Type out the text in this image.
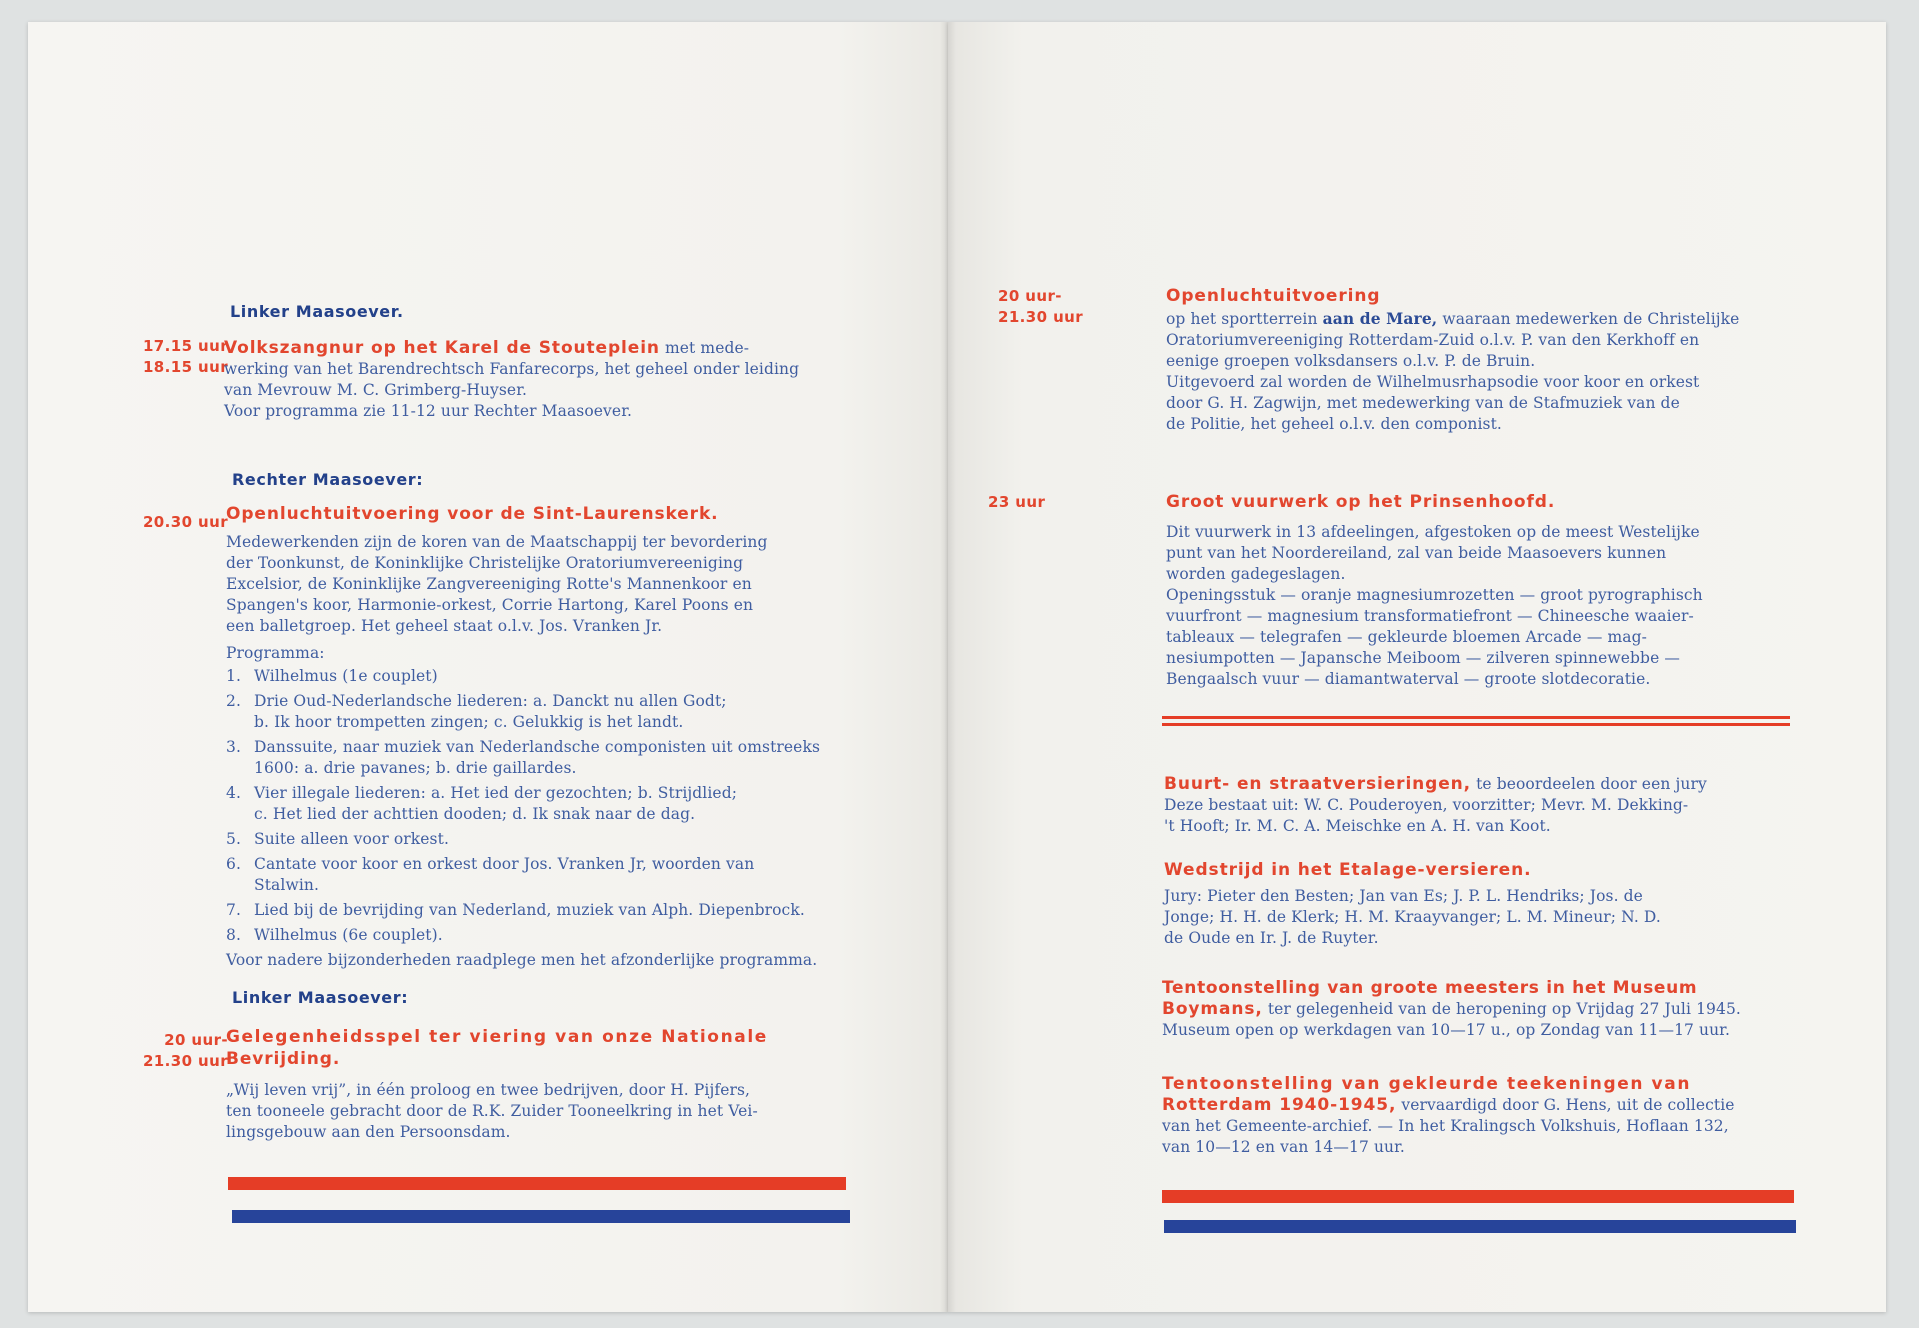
Linker Maasoever.
17.15 uur
18.15 uur
Volkszangnur op het Karel de Stouteplein met mede-
werking van het Barendrechtsch Fanfarecorps, het geheel onder leiding
van Mevrouw M. C. Grimberg-Huyser.
Voor programma zie 11-12 uur Rechter Maasoever.
Rechter Maasoever:
20.30 uur
Openluchtuitvoering voor de Sint-Laurenskerk.
Medewerkenden zijn de koren van de Maatschappij ter bevordering
der Toonkunst, de Koninklijke Christelijke Oratoriumvereeniging
Excelsior, de Koninklijke Zangvereeniging Rotte's Mannenkoor en
Spangen's koor, Harmonie-orkest, Corrie Hartong, Karel Poons en
een balletgroep. Het geheel staat o.l.v. Jos. Vranken Jr.
Programma:
1. Wilhelmus (1e couplet)
2. Drie Oud-Nederlandsche liederen: a. Danckt nu allen Godt;
b. Ik hoor trompetten zingen; c. Gelukkig is het landt.
3. Danssuite, naar muziek van Nederlandsche componisten uit omstreeks
1600: a. drie pavanes; b. drie gaillardes.
4. Vier illegale liederen: a. Het ied der gezochten; b. Strijdlied;
c. Het lied der achttien dooden; d. Ik snak naar de dag.
5. Suite alleen voor orkest.
6. Cantate voor koor en orkest door Jos. Vranken Jr, woorden van
Stalwin.
7. Lied bij de bevrijding van Nederland, muziek van Alph. Diepenbrock.
8. Wilhelmus (6e couplet).
Voor nadere bijzonderheden raadplege men het afzonderlijke programma.
Linker Maasoever:
20 uur-
21.30 uur
Gelegenheidsspel ter viering van onze Nationale
Bevrijding.
„Wij leven vrij”, in één proloog en twee bedrijven, door H. Pijfers,
ten tooneele gebracht door de R.K. Zuider Tooneelkring in het Vei-
lingsgebouw aan den Persoonsdam.
20 uur-
21.30 uur
Openluchtuitvoering
op het sportterrein aan de Mare, waaraan medewerken de Christelijke
Oratoriumvereeniging Rotterdam-Zuid o.l.v. P. van den Kerkhoff en
eenige groepen volksdansers o.l.v. P. de Bruin.
Uitgevoerd zal worden de Wilhelmusrhapsodie voor koor en orkest
door G. H. Zagwijn, met medewerking van de Stafmuziek van de
de Politie, het geheel o.l.v. den componist.
23 uur	Groot vuurwerk op het Prinsenhoofd.
Dit vuurwerk in 13 afdeelingen, afgestoken op de meest Westelijke
punt van het Noordereiland, zal van beide Maasoevers kunnen
worden gadegeslagen.
Openingsstuk — oranje magnesiumrozetten — groot pyrographisch
vuurfront — magnesium transformatiefront — Chineesche waaier-
tableaux — telegrafen — gekleurde bloemen Arcade — mag-
nesiumpotten — Japansche Meiboom — zilveren spinnewebbe —
Bengaalsch vuur — diamantwaterval — groote slotdecoratie.
Buurt- en straatversieringen, te beoordeelen door een jury
Deze bestaat uit: W. C. Pouderoyen, voorzitter; Mevr. M. Dekking-
't Hooft; Ir. M. C. A. Meischke en A. H. van Koot.
Wedstrijd in het Etalage-versieren.
Jury: Pieter den Besten; Jan van Es; J. P. L. Hendriks; Jos. de
Jonge; H. H. de Klerk; H. M. Kraayvanger; L. M. Mineur; N. D.
de Oude en Ir. J. de Ruyter.
Tentoonstelling van groote meesters in het Museum
Boymans, ter gelegenheid van de heropening op Vrijdag 27 Juli 1945.
Museum open op werkdagen van 10—17 u., op Zondag van 11—17 uur.
Tentoonstelling van gekleurde teekeningen van
Rotterdam 1940-1945, vervaardigd door G. Hens, uit de collectie
van het Gemeente-archief. — In het Kralingsch Volkshuis, Hoflaan 132,
van 10—12 en van 14—17 uur.
